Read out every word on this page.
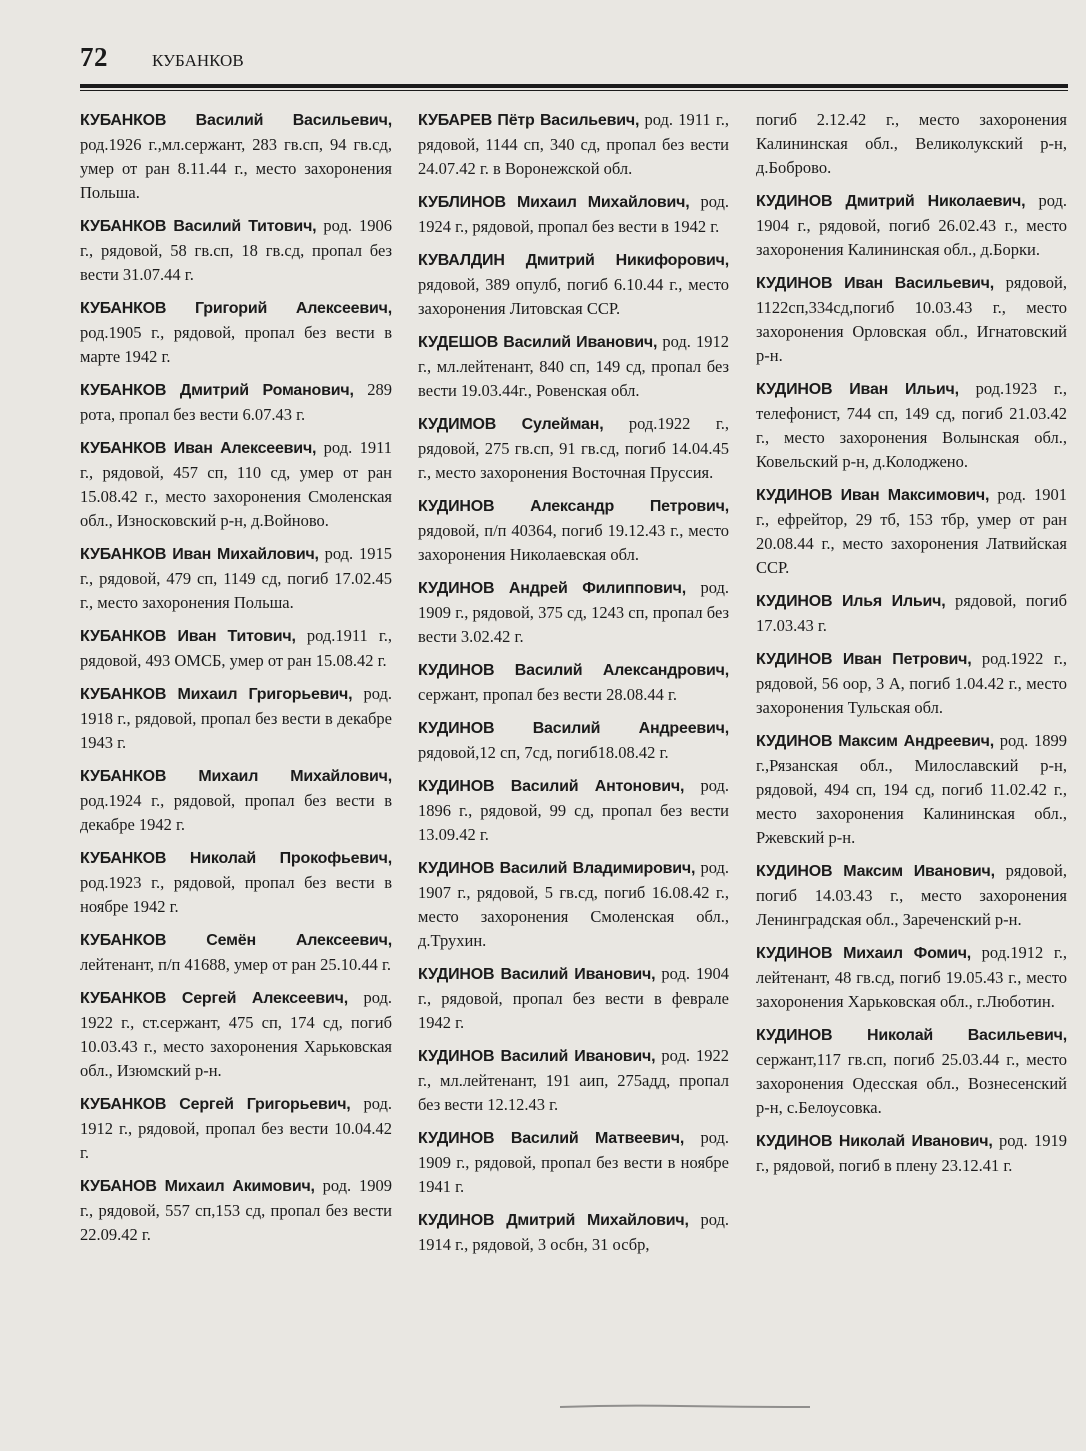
72	КУБАНКОВ

КУБАНКОВ Василий Васильевич, род.1926 г.,мл.сержант, 283 гв.сп, 94 гв.сд, умер от ран 8.11.44 г., место захоронения Польша.

КУБАНКОВ Василий Титович, род. 1906 г., рядовой, 58 гв.сп, 18 гв.сд, пропал без вести 31.07.44 г.

КУБАНКОВ Григорий Алексеевич, род.1905 г., рядовой, пропал без вести в марте 1942 г.

КУБАНКОВ Дмитрий Романович, 289 рота, пропал без вести 6.07.43 г.

КУБАНКОВ Иван Алексеевич, род. 1911 г., рядовой, 457 сп, 110 сд, умер от ран 15.08.42 г., место захоронения Смоленская обл., Износковский р-н, д.Войново.

КУБАНКОВ Иван Михайлович, род. 1915 г., рядовой, 479 сп, 1149 сд, погиб 17.02.45 г., место захоронения Польша.

КУБАНКОВ Иван Титович, род.1911 г., рядовой, 493 ОМСБ, умер от ран 15.08.42 г.

КУБАНКОВ Михаил Григорьевич, род. 1918 г., рядовой, пропал без вести в декабре 1943 г.

КУБАНКОВ Михаил Михайлович, род.1924 г., рядовой, пропал без вести в декабре 1942 г.

КУБАНКОВ Николай Прокофьевич, род.1923 г., рядовой, пропал без вести в ноябре 1942 г.

КУБАНКОВ Семён Алексеевич, лейтенант, п/п 41688, умер от ран 25.10.44 г.

КУБАНКОВ Сергей Алексеевич, род. 1922 г., ст.сержант, 475 сп, 174 сд, погиб 10.03.43 г., место захоронения Харьковская обл., Изюмский р-н.

КУБАНКОВ Сергей Григорьевич, род. 1912 г., рядовой, пропал без вести 10.04.42 г.

КУБАНОВ Михаил Акимович, род. 1909 г., рядовой, 557 сп,153 сд, пропал без вести 22.09.42 г.

КУБАРЕВ Пётр Васильевич, род. 1911 г., рядовой, 1144 сп, 340 сд, пропал без вести 24.07.42 г. в Воронежской обл.

КУБЛИНОВ Михаил Михайлович, род. 1924 г., рядовой, пропал без вести в 1942 г.

КУВАЛДИН Дмитрий Никифорович, рядовой, 389 опулб, погиб 6.10.44 г., место захоронения Литовская ССР.

КУДЕШОВ Василий Иванович, род. 1912 г., мл.лейтенант, 840 сп, 149 сд, пропал без вести 19.03.44г., Ровенская обл.

КУДИМОВ Сулейман, род.1922 г., рядовой, 275 гв.сп, 91 гв.сд, погиб 14.04.45 г., место захоронения Восточная Пруссия.

КУДИНОВ Александр Петрович, рядовой, п/п 40364, погиб 19.12.43 г., место захоронения Николаевская обл.

КУДИНОВ Андрей Филиппович, род. 1909 г., рядовой, 375 сд, 1243 сп, пропал без вести 3.02.42 г.

КУДИНОВ Василий Александрович, сержант, пропал без вести 28.08.44 г.

КУДИНОВ Василий Андреевич, рядовой,12 сп, 7сд, погиб18.08.42 г.

КУДИНОВ Василий Антонович, род. 1896 г., рядовой, 99 сд, пропал без вести 13.09.42 г.

КУДИНОВ Василий Владимирович, род. 1907 г., рядовой, 5 гв.сд, погиб 16.08.42 г., место захоронения Смоленская обл., д.Трухин.

КУДИНОВ Василий Иванович, род. 1904 г., рядовой, пропал без вести в феврале 1942 г.

КУДИНОВ Василий Иванович, род. 1922 г., мл.лейтенант, 191 аип, 275адд, пропал без вести 12.12.43 г.

КУДИНОВ Василий Матвеевич, род. 1909 г., рядовой, пропал без вести в ноябре 1941 г.

КУДИНОВ Дмитрий Михайлович, род. 1914 г., рядовой, 3 осбн, 31 осбр,

погиб 2.12.42 г., место захоронения Калининская обл., Великолукский р-н, д.Боброво.

КУДИНОВ Дмитрий Николаевич, род. 1904 г., рядовой, погиб 26.02.43 г., место захоронения Калининская обл., д.Борки.

КУДИНОВ Иван Васильевич, рядовой, 1122сп,334сд,погиб 10.03.43 г., место захоронения Орловская обл., Игнатовский р-н.

КУДИНОВ Иван Ильич, род.1923 г., телефонист, 744 сп, 149 сд, погиб 21.03.42 г., место захоронения Волынская обл., Ковельский р-н, д.Колоджено.

КУДИНОВ Иван Максимович, род. 1901 г., ефрейтор, 29 тб, 153 тбр, умер от ран 20.08.44 г., место захоронения Латвийская ССР.

КУДИНОВ Илья Ильич, рядовой, погиб 17.03.43 г.

КУДИНОВ Иван Петрович, род.1922 г., рядовой, 56 оор, 3 А, погиб 1.04.42 г., место захоронения Тульская обл.

КУДИНОВ Максим Андреевич, род. 1899 г.,Рязанская обл., Милославский р-н, рядовой, 494 сп, 194 сд, погиб 11.02.42 г., место захоронения Калининская обл., Ржевский р-н.

КУДИНОВ Максим Иванович, рядовой, погиб 14.03.43 г., место захоронения Ленинградская обл., Зареченский р-н.

КУДИНОВ Михаил Фомич, род.1912 г., лейтенант, 48 гв.сд, погиб 19.05.43 г., место захоронения Харьковская обл., г.Люботин.

КУДИНОВ Николай Васильевич, сержант,117 гв.сп, погиб 25.03.44 г., место захоронения Одесская обл., Вознесенский р-н, с.Белоусовка.

КУДИНОВ Николай Иванович, род. 1919 г., рядовой, погиб в плену 23.12.41 г.
